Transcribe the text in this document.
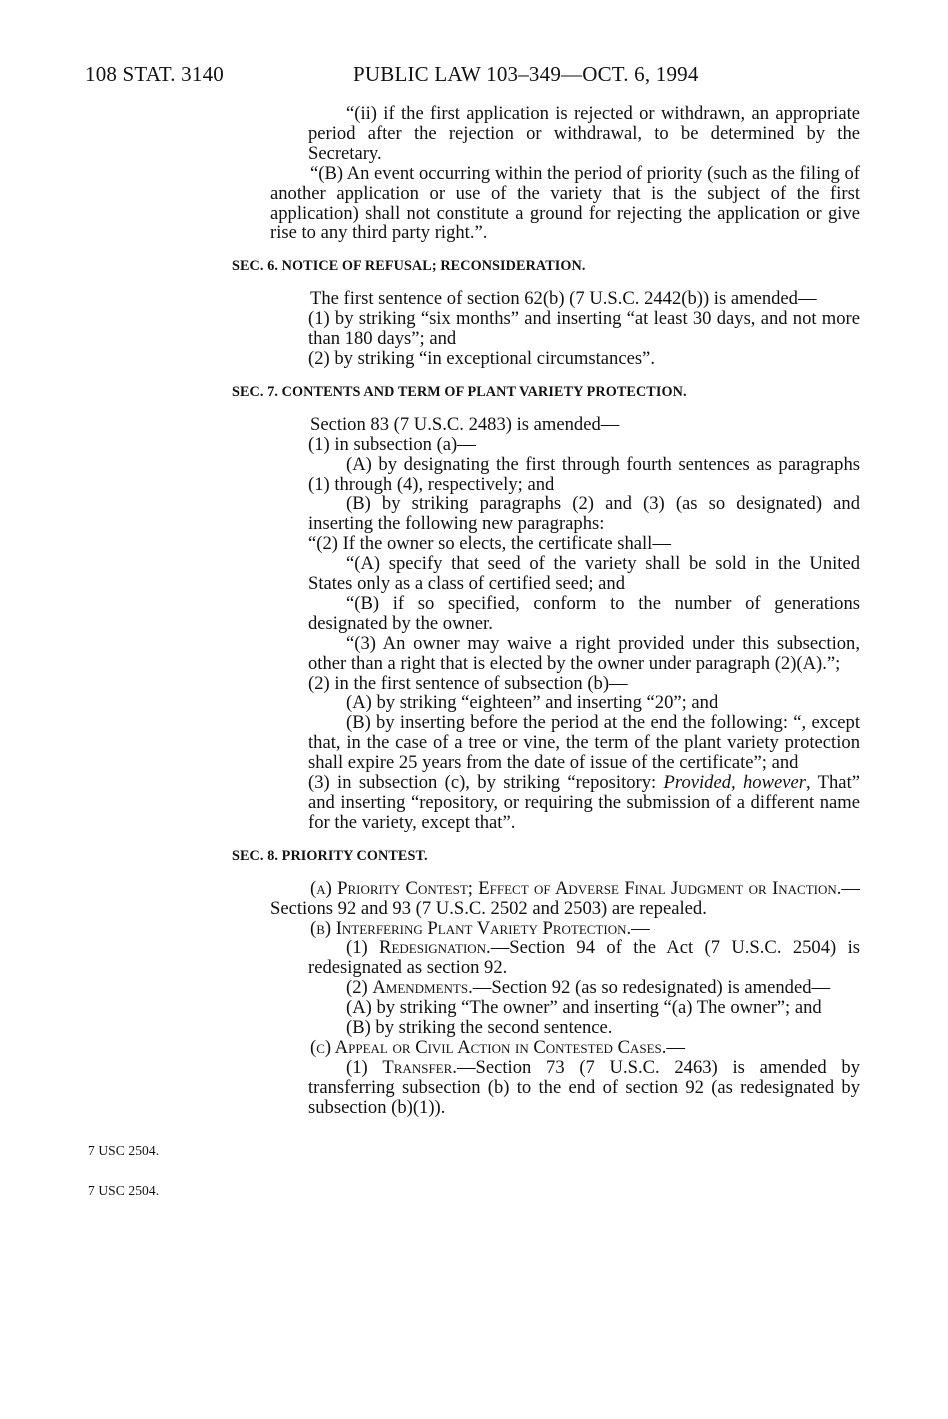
108 STAT. 3140	PUBLIC LAW 103–349—OCT. 6, 1994
7 USC 2504.
7 USC 2504.

“(ii) if the first application is rejected or withdrawn, an appropriate period after the rejection or withdrawal, to be determined by the Secretary.

“(B) An event occurring within the period of priority (such as the filing of another application or use of the variety that is the subject of the first application) shall not constitute a ground for rejecting the application or give rise to any third party right.”.

SEC. 6. NOTICE OF REFUSAL; RECONSIDERATION.

The first sentence of section 62(b) (7 U.S.C. 2442(b)) is amended—

(1) by striking “six months” and inserting “at least 30 days, and not more than 180 days”; and

(2) by striking “in exceptional circumstances”.

SEC. 7. CONTENTS AND TERM OF PLANT VARIETY PROTECTION.

Section 83 (7 U.S.C. 2483) is amended—

(1) in subsection (a)—

(A) by designating the first through fourth sentences as paragraphs (1) through (4), respectively; and

(B) by striking paragraphs (2) and (3) (as so designated) and inserting the following new paragraphs:

“(2) If the owner so elects, the certificate shall—

“(A) specify that seed of the variety shall be sold in the United States only as a class of certified seed; and

“(B) if so specified, conform to the number of generations designated by the owner.

“(3) An owner may waive a right provided under this subsection, other than a right that is elected by the owner under paragraph (2)(A).”;

(2) in the first sentence of subsection (b)—

(A) by striking “eighteen” and inserting “20”; and

(B) by inserting before the period at the end the following: “, except that, in the case of a tree or vine, the term of the plant variety protection shall expire 25 years from the date of issue of the certificate”; and

(3) in subsection (c), by striking “repository: Provided, however, That” and inserting “repository, or requiring the submission of a different name for the variety, except that”.

SEC. 8. PRIORITY CONTEST.

(a) Priority Contest; Effect of Adverse Final Judgment or Inaction.—Sections 92 and 93 (7 U.S.C. 2502 and 2503) are repealed.

(b) Interfering Plant Variety Protection.—

(1) Redesignation.—Section 94 of the Act (7 U.S.C. 2504) is redesignated as section 92.

(2) Amendments.—Section 92 (as so redesignated) is amended—

(A) by striking “The owner” and inserting “(a) The owner”; and

(B) by striking the second sentence.

(c) Appeal or Civil Action in Contested Cases.—

(1) Transfer.—Section 73 (7 U.S.C. 2463) is amended by transferring subsection (b) to the end of section 92 (as redesignated by subsection (b)(1)).
